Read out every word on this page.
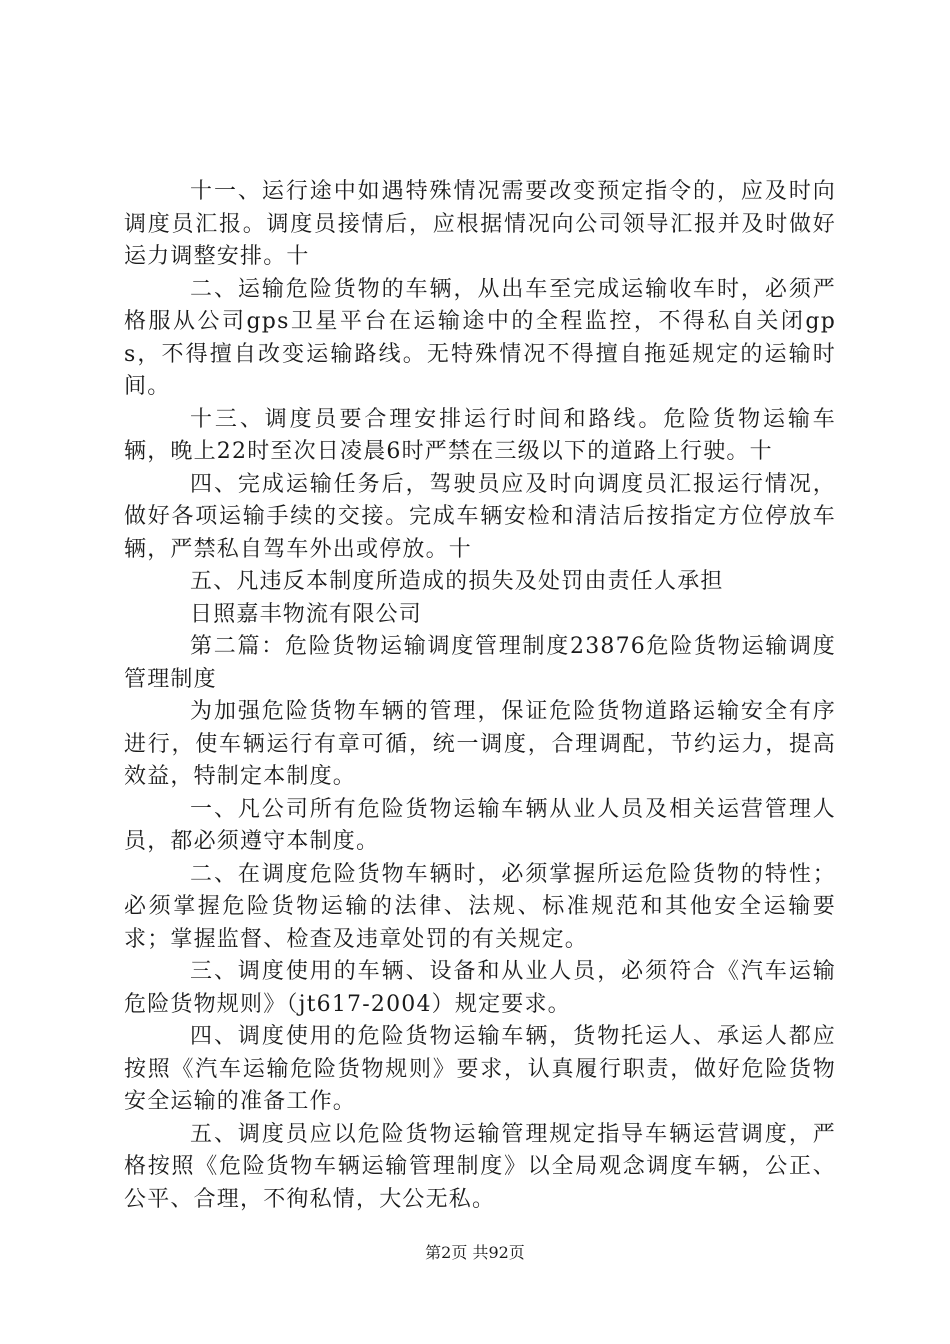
十一、运行途中如遇特殊情况需要改变预定指令的，应及时向调度员汇报。调度员接情后，应根据情况向公司领导汇报并及时做好运力调整安排。十

二、运输危险货物的车辆，从出车至完成运输收车时，必须严格服从公司gps卫星平台在运输途中的全程监控，不得私自关闭gps，不得擅自改变运输路线。无特殊情况不得擅自拖延规定的运输时间。

十三、调度员要合理安排运行时间和路线。危险货物运输车辆，晚上22时至次日凌晨6时严禁在三级以下的道路上行驶。十

四、完成运输任务后，驾驶员应及时向调度员汇报运行情况，做好各项运输手续的交接。完成车辆安检和清洁后按指定方位停放车辆，严禁私自驾车外出或停放。十

五、凡违反本制度所造成的损失及处罚由责任人承担

日照嘉丰物流有限公司

第二篇：危险货物运输调度管理制度23876危险货物运输调度管理制度

为加强危险货物车辆的管理，保证危险货物道路运输安全有序进行，使车辆运行有章可循，统一调度，合理调配，节约运力，提高效益，特制定本制度。

一、凡公司所有危险货物运输车辆从业人员及相关运营管理人员，都必须遵守本制度。

二、在调度危险货物车辆时，必须掌握所运危险货物的特性；必须掌握危险货物运输的法律、法规、标准规范和其他安全运输要求；掌握监督、检查及违章处罚的有关规定。

三、调度使用的车辆、设备和从业人员，必须符合《汽车运输危险货物规则》（jt617-2004）规定要求。

四、调度使用的危险货物运输车辆，货物托运人、承运人都应按照《汽车运输危险货物规则》要求，认真履行职责，做好危险货物安全运输的准备工作。

五、调度员应以危险货物运输管理规定指导车辆运营调度，严格按照《危险货物车辆运输管理制度》以全局观念调度车辆，公正、公平、合理，不徇私情，大公无私。

第2页 共92页
